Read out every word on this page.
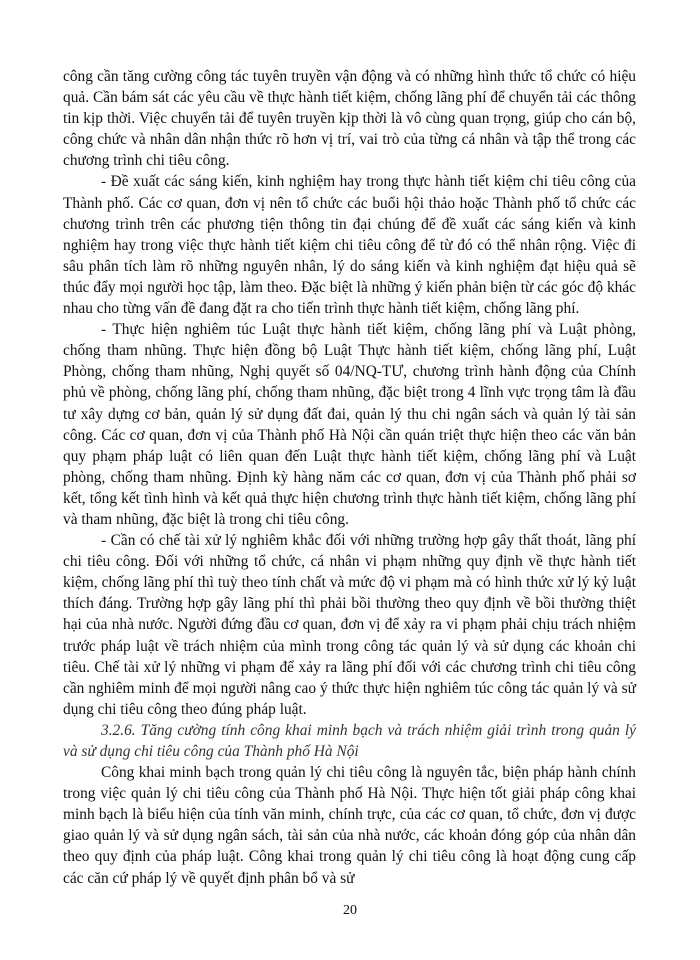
công cần tăng cường công tác tuyên truyền vận động và có những hình thức tổ chức có hiệu quả. Cần bám sát các yêu cầu về thực hành tiết kiệm, chống lãng phí để chuyển tải các thông tin kịp thời. Việc chuyển tải để tuyên truyền kịp thời là vô cùng quan trọng, giúp cho cán bộ, công chức và nhân dân nhận thức rõ hơn vị trí, vai trò của từng cá nhân và tập thể trong các chương trình chi tiêu công.

- Đề xuất các sáng kiến, kinh nghiệm hay trong thực hành tiết kiệm chi tiêu công của Thành phố. Các cơ quan, đơn vị nên tổ chức các buổi hội thảo hoặc Thành phố tổ chức các chương trình trên các phương tiện thông tin đại chúng để đề xuất các sáng kiến và kinh nghiệm hay trong việc thực hành tiết kiệm chi tiêu công để từ đó có thể nhân rộng. Việc đi sâu phân tích làm rõ những nguyên nhân, lý do sáng kiến và kinh nghiệm đạt hiệu quả sẽ thúc đẩy mọi người học tập, làm theo. Đặc biệt là những ý kiến phản biện từ các góc độ khác nhau cho từng vấn đề đang đặt ra cho tiến trình thực hành tiết kiệm, chống lãng phí.

- Thực hiện nghiêm túc Luật thực hành tiết kiệm, chống lãng phí và Luật phòng, chống tham nhũng. Thực hiện đồng bộ Luật Thực hành tiết kiệm, chống lãng phí, Luật Phòng, chống tham nhũng, Nghị quyết số 04/NQ-TƯ, chương trình hành động của Chính phủ về phòng, chống lãng phí, chống tham nhũng, đặc biệt trong 4 lĩnh vực trọng tâm là đầu tư xây dựng cơ bản, quản lý sử dụng đất đai, quản lý thu chi ngân sách và quản lý tài sản công. Các cơ quan, đơn vị của Thành phố Hà Nội cần quán triệt thực hiện theo các văn bản quy phạm pháp luật có liên quan đến Luật thực hành tiết kiệm, chống lãng phí và Luật phòng, chống tham nhũng. Định kỳ hàng năm các cơ quan, đơn vị của Thành phố phải sơ kết, tổng kết tình hình và kết quả thực hiện chương trình thực hành tiết kiệm, chống lãng phí và tham nhũng, đặc biệt là trong chi tiêu công.

- Cần có chế tài xử lý nghiêm khắc đối với những trường hợp gây thất thoát, lãng phí chi tiêu công. Đối với những tổ chức, cá nhân vi phạm những quy định về thực hành tiết kiệm, chống lãng phí thì tuỳ theo tính chất và mức độ vi phạm mà có hình thức xử lý kỷ luật thích đáng. Trường hợp gây lãng phí thì phải bồi thường theo quy định về bồi thường thiệt hại của nhà nước. Người đứng đầu cơ quan, đơn vị để xảy ra vi phạm phải chịu trách nhiệm trước pháp luật về trách nhiệm của mình trong công tác quản lý và sử dụng các khoản chi tiêu. Chế tài xử lý những vi phạm để xảy ra lãng phí đối với các chương trình chi tiêu công cần nghiêm minh để mọi người nâng cao ý thức thực hiện nghiêm túc công tác quản lý và sử dụng chi tiêu công theo đúng pháp luật.

3.2.6. Tăng cường tính công khai minh bạch và trách nhiệm giải trình trong quản lý và sử dụng chi tiêu công của Thành phố Hà Nội

Công khai minh bạch trong quản lý chi tiêu công là nguyên tắc, biện pháp hành chính trong việc quản lý chi tiêu công của Thành phố Hà Nội. Thực hiện tốt giải pháp công khai minh bạch là biểu hiện của tính văn minh, chính trực, của các cơ quan, tổ chức, đơn vị được giao quản lý và sử dụng ngân sách, tài sản của nhà nước, các khoản đóng góp của nhân dân theo quy định của pháp luật. Công khai trong quản lý chi tiêu công là hoạt động cung cấp các căn cứ pháp lý về quyết định phân bổ và sử

20
